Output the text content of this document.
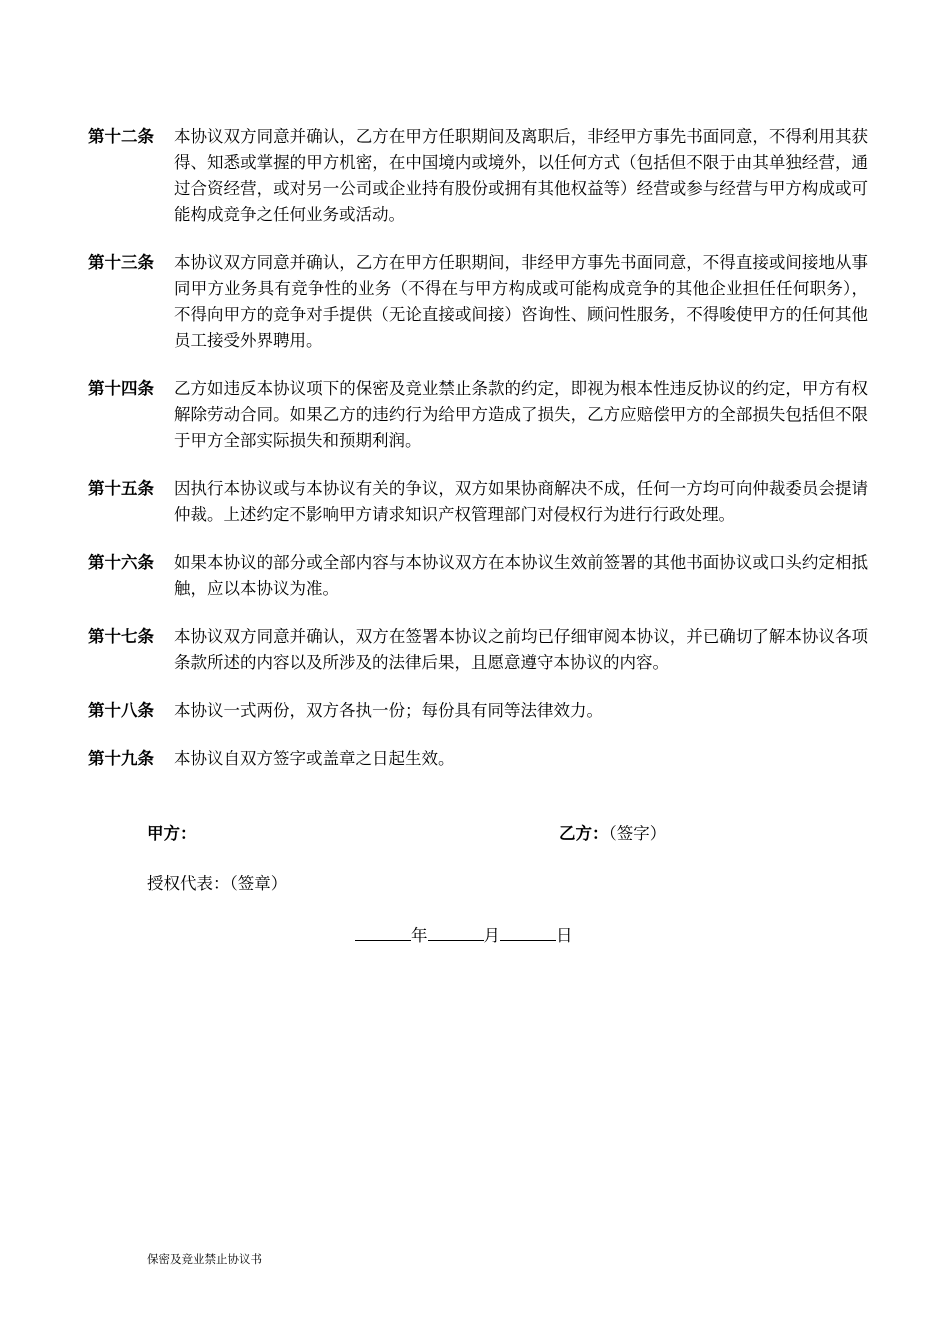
第十二条	本协议双方同意并确认，乙方在甲方任职期间及离职后，非经甲方事先书面同意，不得利用其获得、知悉或掌握的甲方机密，在中国境内或境外，以任何方式（包括但不限于由其单独经营，通过合资经营，或对另一公司或企业持有股份或拥有其他权益等）经营或参与经营与甲方构成或可能构成竞争之任何业务或活动。
第十三条	本协议双方同意并确认，乙方在甲方任职期间，非经甲方事先书面同意，不得直接或间接地从事同甲方业务具有竞争性的业务（不得在与甲方构成或可能构成竞争的其他企业担任任何职务），不得向甲方的竞争对手提供（无论直接或间接）咨询性、顾问性服务，不得唆使甲方的任何其他员工接受外界聘用。
第十四条	乙方如违反本协议项下的保密及竞业禁止条款的约定，即视为根本性违反协议的约定，甲方有权解除劳动合同。如果乙方的违约行为给甲方造成了损失，乙方应赔偿甲方的全部损失包括但不限于甲方全部实际损失和预期利润。
第十五条	因执行本协议或与本协议有关的争议，双方如果协商解决不成，任何一方均可向仲裁委员会提请仲裁。上述约定不影响甲方请求知识产权管理部门对侵权行为进行行政处理。
第十六条	如果本协议的部分或全部内容与本协议双方在本协议生效前签署的其他书面协议或口头约定相抵触，应以本协议为准。
第十七条	本协议双方同意并确认，双方在签署本协议之前均已仔细审阅本协议，并已确切了解本协议各项条款所述的内容以及所涉及的法律后果，且愿意遵守本协议的内容。
第十八条	本协议一式两份，双方各执一份；每份具有同等法律效力。
第十九条	本协议自双方签字或盖章之日起生效。
甲方：	乙方：（签字）
授权代表：（签章）
年	月	日
保密及竞业禁止协议书
